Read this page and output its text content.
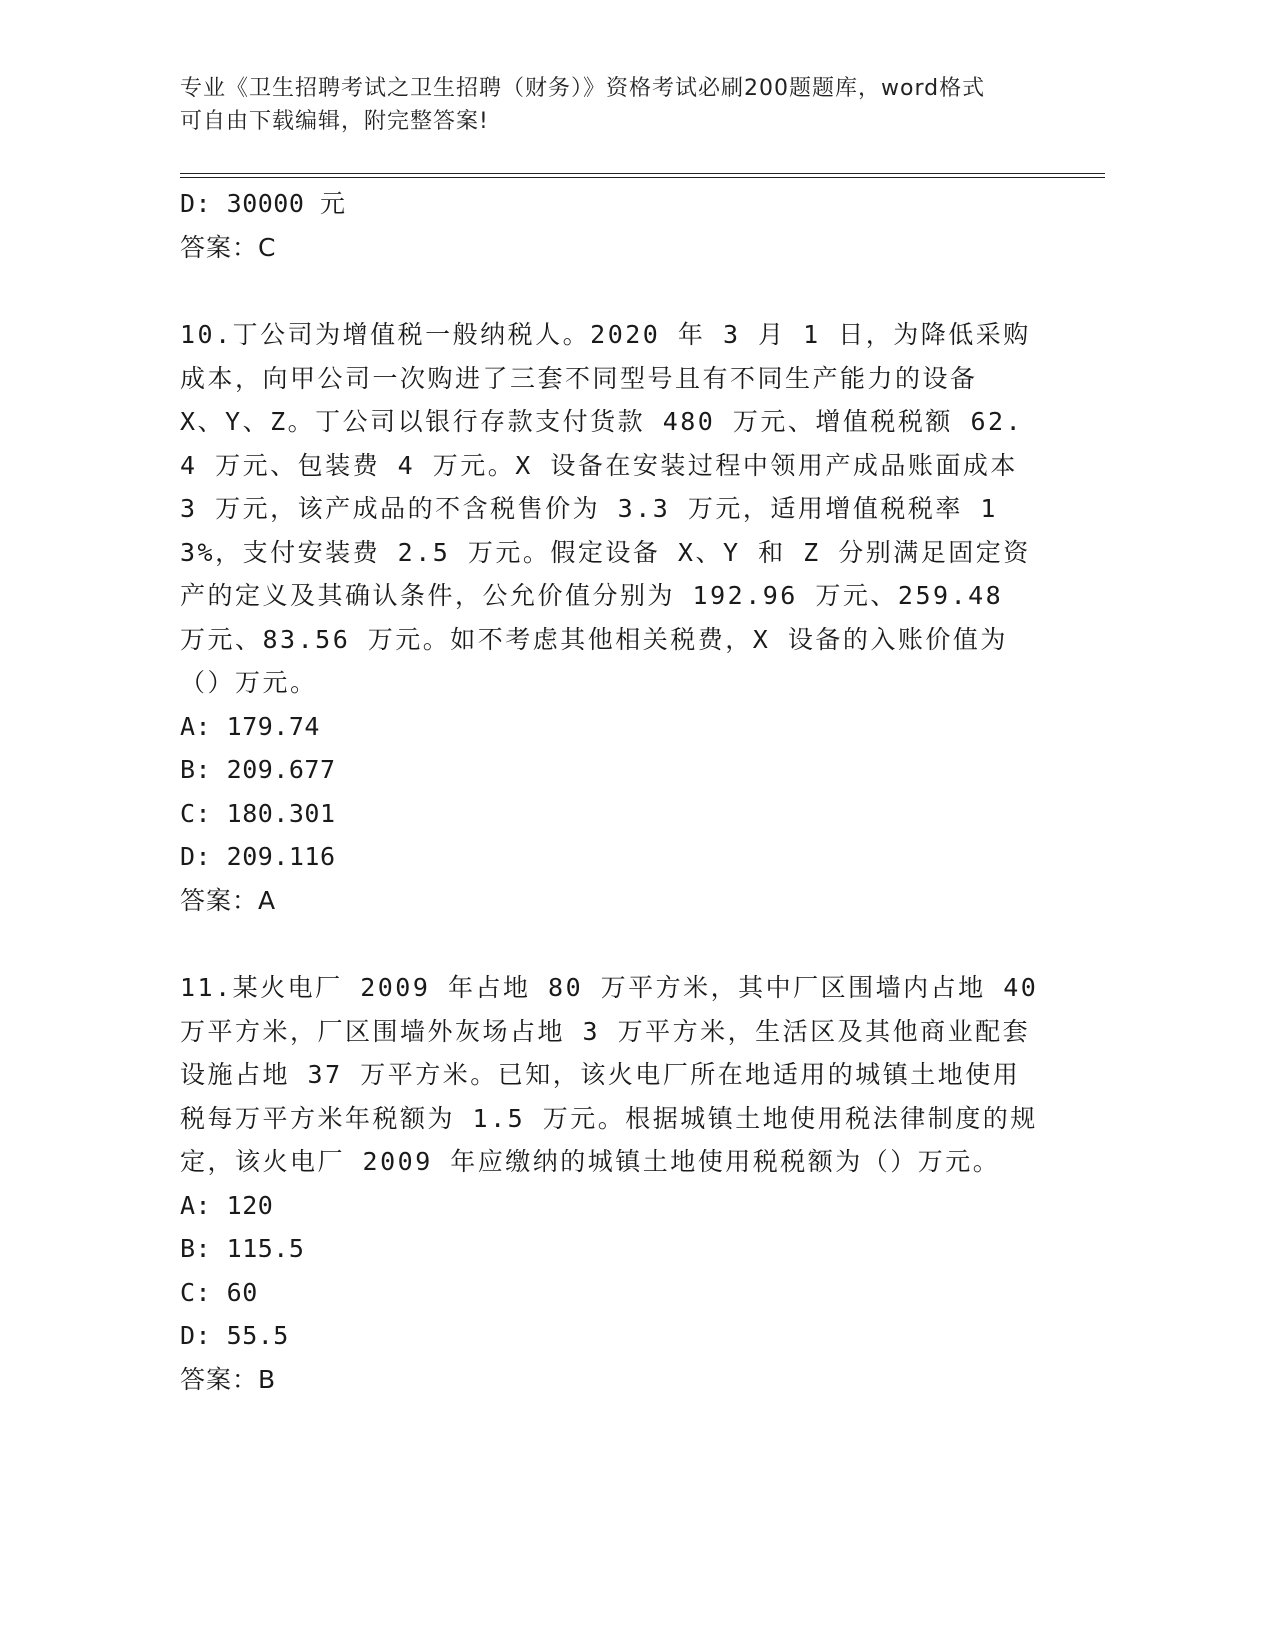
专业《卫生招聘考试之卫生招聘（财务）》资格考试必刷200题题库，word格式
可自由下载编辑，附完整答案!
D: 30000 元
答案：C
10.丁公司为增值税一般纳税人。2020 年 3 月 1 日，为降低采购成本，向甲公司一次购进了三套不同型号且有不同生产能力的设备 X、Y、Z。丁公司以银行存款支付货款 480 万元、增值税税额 62.4 万元、包装费 4 万元。X 设备在安装过程中领用产成品账面成本 3 万元，该产成品的不含税售价为 3.3 万元，适用增值税税率 13%，支付安装费 2.5 万元。假定设备 X、Y 和 Z 分别满足固定资产的定义及其确认条件，公允价值分别为 192.96 万元、259.48 万元、83.56 万元。如不考虑其他相关税费，X 设备的入账价值为（）万元。
A: 179.74
B: 209.677
C: 180.301
D: 209.116
答案：A
11.某火电厂 2009 年占地 80 万平方米，其中厂区围墙内占地 40 万平方米，厂区围墙外灰场占地 3 万平方米，生活区及其他商业配套设施占地 37 万平方米。已知，该火电厂所在地适用的城镇土地使用税每万平方米年税额为 1.5 万元。根据城镇土地使用税法律制度的规定，该火电厂 2009 年应缴纳的城镇土地使用税税额为（）万元。
A: 120
B: 115.5
C: 60
D: 55.5
答案：B
